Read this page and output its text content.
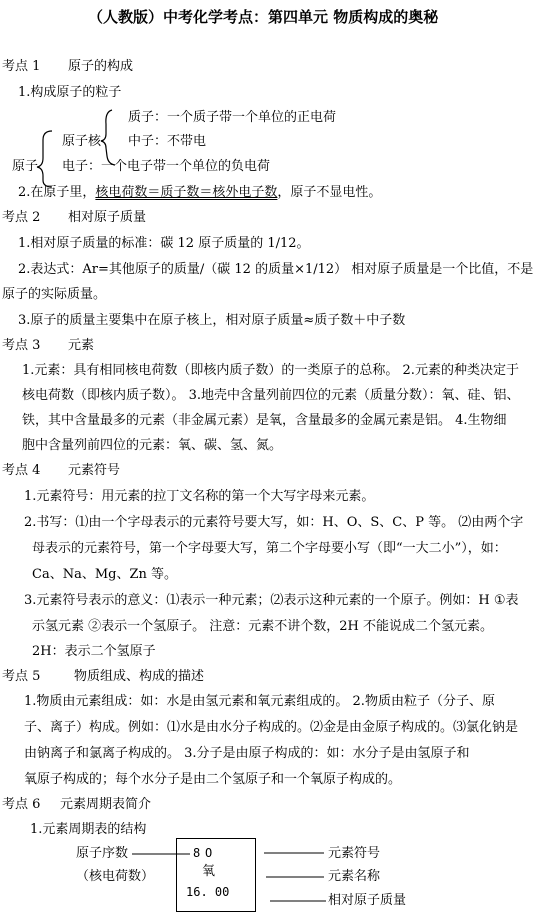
（人教版）中考化学考点：第四单元 物质构成的奥秘
考点 1 原子的构成
1.构成原子的粒子
质子：一个质子带一个单位的正电荷
原子核 中子：不带电
原子 电子：一个电子带一个单位的负电荷
2.在原子里，核电荷数＝质子数＝核外电子数，原子不显电性。
考点 2 相对原子质量
1.相对原子质量的标准：碳 12 原子质量的 1/12。
2.表达式：Ar=其他原子的质量/（碳 12 的质量×1/12） 相对原子质量是一个比值，不是
原子的实际质量。
3.原子的质量主要集中在原子核上，相对原子质量≈质子数＋中子数
考点 3 元素
1.元素：具有相同核电荷数（即核内质子数）的一类原子的总称。 2.元素的种类决定于
核电荷数（即核内质子数）。 3.地壳中含量列前四位的元素（质量分数）：氧、硅、铝、
铁，其中含量最多的元素（非金属元素）是氧，含量最多的金属元素是铝。 4.生物细
胞中含量列前四位的元素：氧、碳、氢、氮。
考点 4 元素符号
1.元素符号：用元素的拉丁文名称的第一个大写字母来元素。
2.书写：⑴由一个字母表示的元素符号要大写，如：H、O、S、C、P 等。 ⑵由两个字
母表示的元素符号，第一个字母要大写，第二个字母要小写（即“一大二小”），如：
Ca、Na、Mg、Zn 等。
3.元素符号表示的意义：⑴表示一种元素；⑵表示这种元素的一个原子。例如：H ①表
示氢元素 ②表示一个氢原子。 注意：元素不讲个数，2H 不能说成二个氢元素。
2H：表示二个氢原子
考点 5	物质组成、构成的描述
1.物质由元素组成：如：水是由氢元素和氧元素组成的。 2.物质由粒子（分子、原
子、离子）构成。例如：⑴水是由水分子构成的。⑵金是由金原子构成的。⑶氯化钠是
由钠离子和氯离子构成的。 3.分子是由原子构成的：如：水分子是由氢原子和
氧原子构成的；每个水分子是由二个氢原子和一个氧原子构成的。
考点 6 元素周期表简介
1.元素周期表的结构
原子序数
（核电荷数）
8 O
氧
16. 00
元素符号
元素名称
相对原子质量
